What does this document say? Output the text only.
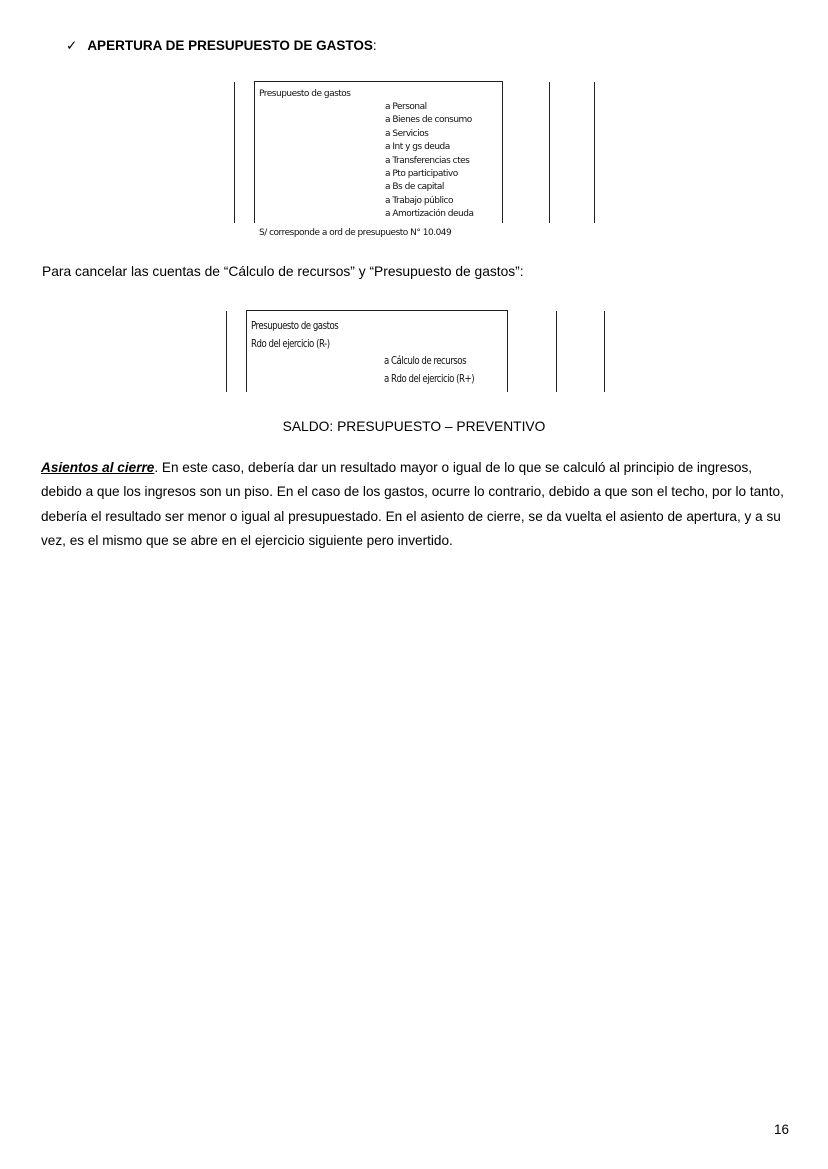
✓ APERTURA DE PRESUPUESTO DE GASTOS:
Presupuesto de gastos
a Personal
a Bienes de consumo
a Servicios
a Int y gs deuda
a Transferencias ctes
a Pto participativo
a Bs de capital
a Trabajo público
a Amortización deuda
S/ corresponde a ord de presupuesto N° 10.049
Para cancelar las cuentas de “Cálculo de recursos” y “Presupuesto de gastos”:
Presupuesto de gastos
Rdo del ejercicio (R-)
a Cálculo de recursos
a Rdo del ejercicio (R+)
SALDO: PRESUPUESTO – PREVENTIVO
Asientos al cierre. En este caso, debería dar un resultado mayor o igual de lo que se calculó al principio de ingresos, debido a que los ingresos son un piso. En el caso de los gastos, ocurre lo contrario, debido a que son el techo, por lo tanto, debería el resultado ser menor o igual al presupuestado. En el asiento de cierre, se da vuelta el asiento de apertura, y a su vez, es el mismo que se abre en el ejercicio siguiente pero invertido.
16
